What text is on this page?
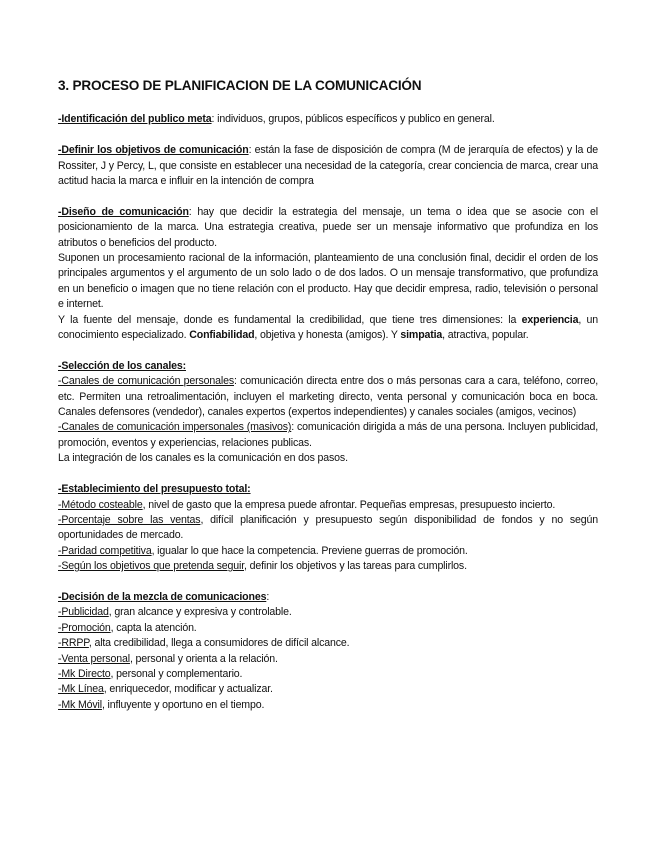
3. PROCESO DE PLANIFICACION DE LA COMUNICACIÓN

-Identificación del publico meta: individuos, grupos, públicos específicos y publico en general.

-Definir los objetivos de comunicación: están la fase de disposición de compra (M de jerarquía de efectos) y la de Rossiter, J y Percy, L, que consiste en establecer una necesidad de la categoría, crear conciencia de marca, crear una actitud hacia la marca e influir en la intención de compra

-Diseño de comunicación: hay que decidir la estrategia del mensaje, un tema o idea que se asocie con el posicionamiento de la marca. Una estrategia creativa, puede ser un mensaje informativo que profundiza en los atributos o beneficios del producto.

Suponen un procesamiento racional de la información, planteamiento de una conclusión final, decidir el orden de los principales argumentos y el argumento de un solo lado o de dos lados. O un mensaje transformativo, que profundiza en un beneficio o imagen que no tiene relación con el producto. Hay que decidir empresa, radio, televisión o personal e internet.

Y la fuente del mensaje, donde es fundamental la credibilidad, que tiene tres dimensiones: la experiencia, un conocimiento especializado. Confiabilidad, objetiva y honesta (amigos). Y simpatia, atractiva, popular.

-Selección de los canales:

-Canales de comunicación personales: comunicación directa entre dos o más personas cara a cara, teléfono, correo, etc. Permiten una retroalimentación, incluyen el marketing directo, venta personal y comunicación boca en boca. Canales defensores (vendedor), canales expertos (expertos independientes) y canales sociales (amigos, vecinos)

-Canales de comunicación impersonales (masivos): comunicación dirigida a más de una persona. Incluyen publicidad, promoción, eventos y experiencias, relaciones publicas.

La integración de los canales es la comunicación en dos pasos.

-Establecimiento del presupuesto total:

-Método costeable, nivel de gasto que la empresa puede afrontar. Pequeñas empresas, presupuesto incierto.

-Porcentaje sobre las ventas, difícil planificación y presupuesto según disponibilidad de fondos y no según oportunidades de mercado.

-Paridad competitiva, igualar lo que hace la competencia. Previene guerras de promoción.

-Según los objetivos que pretenda seguir, definir los objetivos y las tareas para cumplirlos.

-Decisión de la mezcla de comunicaciones:

-Publicidad, gran alcance y expresiva y controlable.

-Promoción, capta la atención.

-RRPP, alta credibilidad, llega a consumidores de difícil alcance.

-Venta personal, personal y orienta a la relación.

-Mk Directo, personal y complementario.

-Mk Línea, enriquecedor, modificar y actualizar.

-Mk Móvil, influyente y oportuno en el tiempo.
